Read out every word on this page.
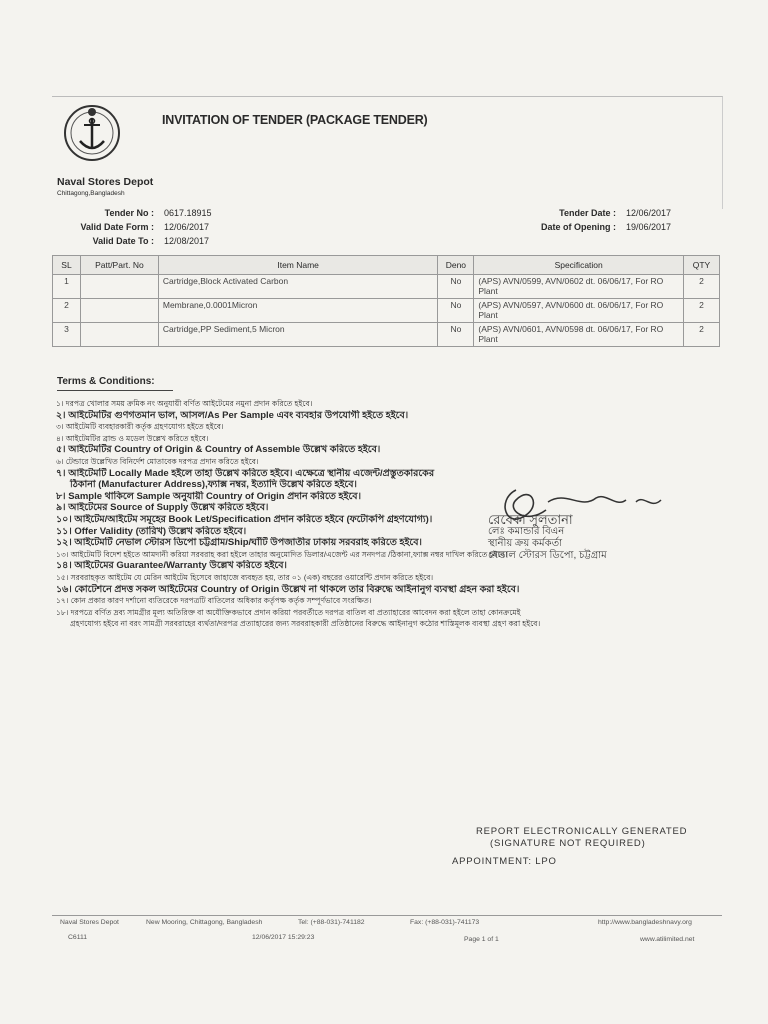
INVITATION OF TENDER (PACKAGE TENDER)
Naval Stores Depot
Chittagong,Bangladesh
Tender No : 0617.18915
Valid Date Form : 12/06/2017
Valid Date To : 12/08/2017
Tender Date : 12/06/2017
Date of Opening : 19/06/2017
SL	Patt/Part. No	Item Name	Deno	Specification	QTY
1		Cartridge,Block Activated Carbon	No	(APS) AVN/0599, AVN/0602 dt. 06/06/17, For RO Plant	2
2		Membrane,0.0001Micron	No	(APS) AVN/0597, AVN/0600 dt. 06/06/17, For RO Plant	2
3		Cartridge,PP Sediment,5 Micron	No	(APS) AVN/0601, AVN/0598 dt. 06/06/17, For RO Plant	2
Terms & Conditions:
১। দরপত্র খোলার সময় ক্রমিক নং অনুযায়ী বর্ণিত আইটেমের নমুনা প্রদান করিতে হইবে।
২। আইটেমটির গুণগতমান ভাল, আসল/As Per Sample এবং ব্যবহার উপযোগী হইতে হইবে।
৩। আইটেমটি ব্যবহারকারী কর্তৃক গ্রহণযোগ্য হইতে হইবে।
৪। আইটেমটির ব্রান্ড ও মডেল উল্লেখ করিতে হইবে।
৫। আইটেমটির Country of Origin & Country of Assemble উল্লেখ করিতে হইবে।
৬। টেন্ডারে উল্লেখিত বিনির্দেশ মোতাবেক দরপত্র প্রদান করিতে হইবে।
৭। আইটেমটি Locally Made হইলে তাহা উল্লেখ করিতে হইবে। এক্ষেত্রে স্থানীয় এজেন্ট/প্রস্তুতকারকের
ঠিকানা (Manufacturer Address),ফ্যাক্স নম্বর, ইত্যাদি উল্লেখ করিতে হইবে।
৮। Sample থাকিলে Sample অনুযায়ী Country of Origin প্রদান করিতে হইবে।
৯। আইটেমের Source of Supply উল্লেখ করিতে হইবে।
১০। আইটেম/আইটেম সমূহের Book Let/Specification প্রদান করিতে হইবে (ফটোকপি গ্রহণযোগ্য)।
১১। Offer Validity (তারিখ) উল্লেখ করিতে হইবে।
১২। আইটেমটি নেভাল স্টোরস ডিপো চট্টগ্রাম/Ship/ঘাঁটি উপজাতীর ঢাকায় সরবরাহ করিতে হইবে।
১৩। আইটেমটি বিদেশ হইতে আমদানী করিয়া সরবরাহ করা হইলে তাহার অনুমোদিত ডিলার/এজেন্ট এর সনদপত্র /ঠিকানা,ফ্যাক্স নম্বর দাখিল করিতে হইবে।
১৪। আইটেমের Guarantee/Warranty উল্লেখ করিতে হইবে।
১৫। সরবরাহকৃত আইটেম যে মেরিন আইটেম হিসেবে জাহাজে ব্যবহৃত হয়, তার ০১ (এক) বছরের ওয়ারেন্টি প্রদান করিতে হইবে।
১৬। কোটেশনে প্রদত্ত সকল আইটেমের Country of Origin উল্লেখ না থাকলে তার বিরুদ্ধে আইনানুগ ব্যবস্থা গ্রহন করা হইবে।
১৭। কোন প্রকার কারণ দর্শানো ব্যতিরেকে দরপত্রটি বাতিলের অধিকার কর্তৃপক্ষ কর্তৃক সম্পূর্ণভাবে সংরক্ষিত।
১৮। দরপত্রে বর্ণিত দ্রব্য সামগ্রীর মূল্য অতিরিক্ত বা অযৌক্তিকভাবে প্রদান করিয়া পরবর্তীতে দরপত্র বাতিল বা প্রত্যাহারের আবেদন করা হইলে তাহা কোনক্রমেই
গ্রহণযোগ্য হইবে না বরং সামগ্রী সরবরাহের ব্যর্থতা/দরপত্র প্রত্যাহারের জন্য সরবরাহকারী প্রতিষ্ঠানের বিরুদ্ধে আইনানুগ কঠোর শাস্তিমূলক ব্যবস্থা গ্রহণ করা হইবে।
রেবেকা সুলতানা
লেঃ কমান্ডার বিএন
স্থানীয় ক্রয় কর্মকর্তা
নেভাল স্টোরস ডিপো, চট্টগ্রাম
REPORT ELECTRONICALLY GENERATED
(SIGNATURE NOT REQUIRED)
APPOINTMENT: LPO
Naval Stores Depot	New Mooring, Chittagong, Bangladesh	Tel: (+88-031)-741182	Fax: (+88-031)-741173	http://www.bangladeshnavy.org
C6111	12/06/2017 15:29:23	Page 1 of 1	www.atilimited.net
